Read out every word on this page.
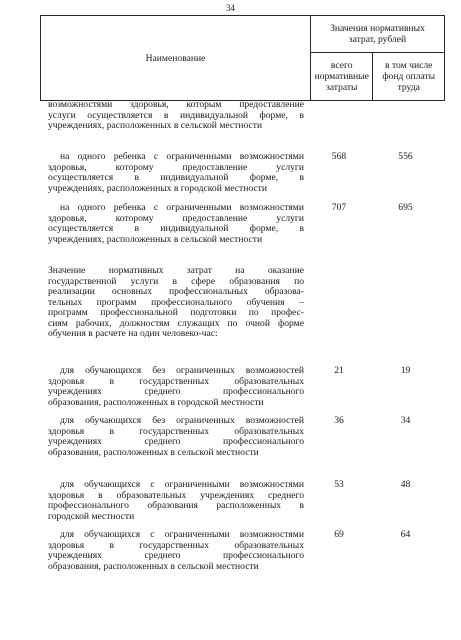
34
Наименование	Значения нормативных
затрат, рублей	

	всего
нормативные
затраты	в том числе
фонд оплаты
труда
возможностями здоровья, которым предоставление
услуги осуществляется в индивидуальной форме, в
учреждениях, расположенных в сельской местности
на одного ребенка с ограниченными возможностями
здоровья, которому предоставление услуги
осуществляется в индивидуальной форме, в
учреждениях, расположенных в городской местности
568	556
на одного ребенка с ограниченными возможностями
здоровья, которому предоставление услуги
осуществляется в индивидуальной форме, в
учреждениях, расположенных в сельской местности
707	695
Значение нормативных затрат на оказание
государственной услуги в сфере образования по
реализации основных профессиональных образова-
тельных программ профессионального обучения –
программ профессиональной подготовки по профес-
сиям рабочих, должностям служащих по очной форме
обучения в расчете на один человеко-час:
для обучающихся без ограниченных возможностей
здоровья в государственных образовательных
учреждениях среднего профессионального
образования, расположенных в городской местности
21	19
для обучающихся без ограниченных возможностей
здоровья в государственных образовательных
учреждениях среднего профессионального
образования, расположенных в сельской местности
36	34
для обучающихся с ограниченными возможностями
здоровья в образовательных учреждениях среднего
профессионального образования расположенных в
городской местности
53	48
для обучающихся с ограниченными возможностями
здоровья в государственных образовательных
учреждениях среднего профессионального
образования, расположенных в сельской местности
69	64
